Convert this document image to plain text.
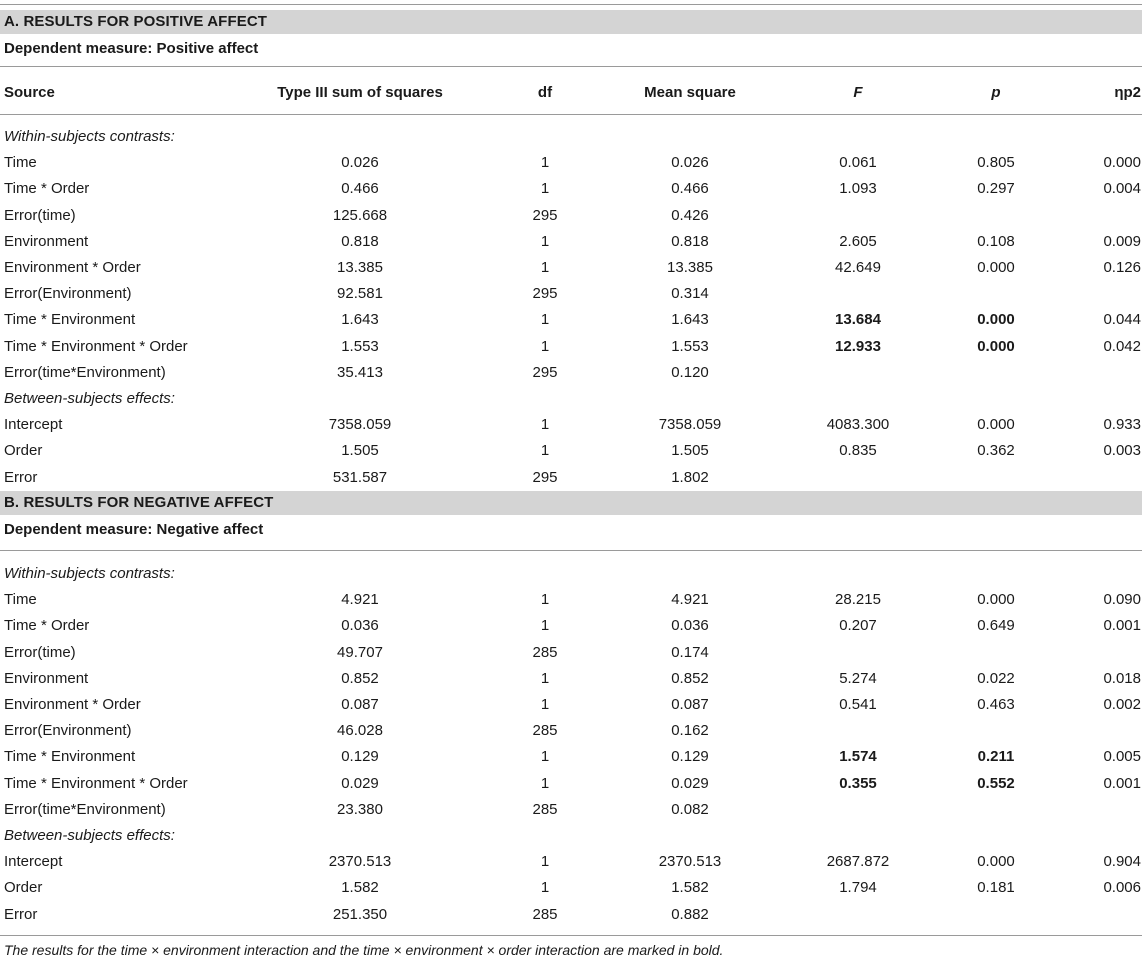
A. RESULTS FOR POSITIVE AFFECT
Dependent measure: Positive affect
Source	Type III sum of squares	df	Mean square	F	p	ηp2
Within-subjects contrasts:
Time	0.026	1	0.026	0.061	0.805	0.000
Time * Order	0.466	1	0.466	1.093	0.297	0.004
Error(time)	125.668	295	0.426
Environment	0.818	1	0.818	2.605	0.108	0.009
Environment * Order	13.385	1	13.385	42.649	0.000	0.126
Error(Environment)	92.581	295	0.314
Time * Environment	1.643	1	1.643	13.684	0.000	0.044
Time * Environment * Order	1.553	1	1.553	12.933	0.000	0.042
Error(time*Environment)	35.413	295	0.120
Between-subjects effects:
Intercept	7358.059	1	7358.059	4083.300	0.000	0.933
Order	1.505	1	1.505	0.835	0.362	0.003
Error	531.587	295	1.802
B. RESULTS FOR NEGATIVE AFFECT
Dependent measure: Negative affect
Within-subjects contrasts:
Time	4.921	1	4.921	28.215	0.000	0.090
Time * Order	0.036	1	0.036	0.207	0.649	0.001
Error(time)	49.707	285	0.174
Environment	0.852	1	0.852	5.274	0.022	0.018
Environment * Order	0.087	1	0.087	0.541	0.463	0.002
Error(Environment)	46.028	285	0.162
Time * Environment	0.129	1	0.129	1.574	0.211	0.005
Time * Environment * Order	0.029	1	0.029	0.355	0.552	0.001
Error(time*Environment)	23.380	285	0.082
Between-subjects effects:
Intercept	2370.513	1	2370.513	2687.872	0.000	0.904
Order	1.582	1	1.582	1.794	0.181	0.006
Error	251.350	285	0.882
The results for the time × environment interaction and the time × environment × order interaction are marked in bold.
